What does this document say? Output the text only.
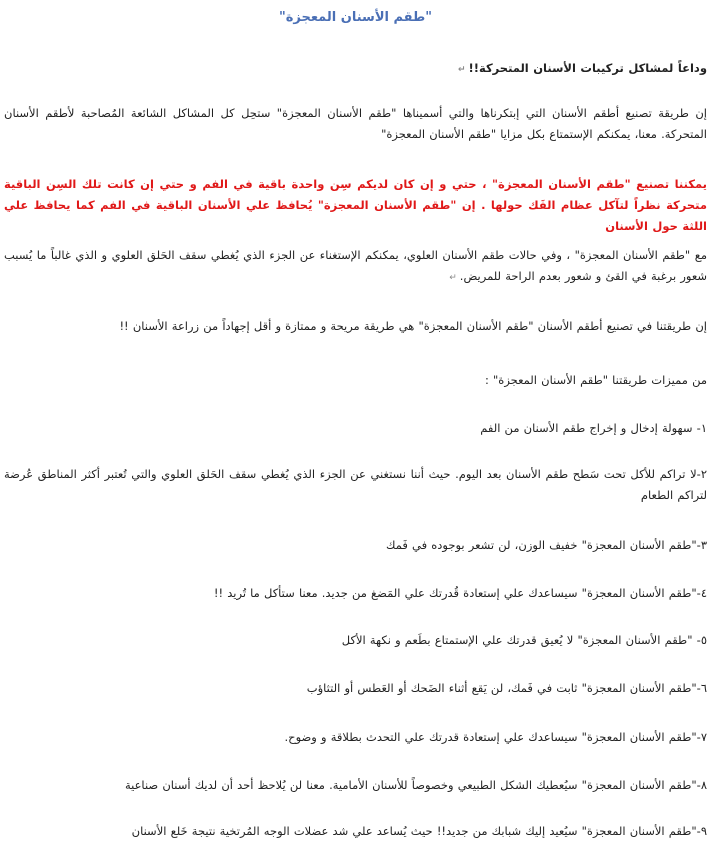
"طقم الأسنان المعجزة"

وداعاً لمشاكل تركيبات الأسنان المتحركة!!↵

إن طريقة تصنيع أطقم الأسنان التي إبتكرناها والتي أسميناها "طقم الأسنان المعجزة" ستحِل كل المشاكل الشائعة المُصاحبة لأطقم الأسنان المتحركة. معنا، يمكنكم الإستمتاع بكل مزايا "طقم الأسنان المعجزة"

يمكننا تصنيع "طقم الأسنان المعجزة" ، حتي و إن كان لديكم سِن واحدة باقية في الفم و حتي إن كانت تلك السِن الباقية متحركة نظراً لتآكل عظام الفَك حولها . إن "طقم الأسنان المعجزة" يُحافظ علي الأسنان الباقية في الفم كما يحافظ علي اللثة حول الأسنان

مع "طقم الأسنان المعجزة" ، وفي حالات طقم الأسنان العلوي، يمكنكم الإستغناء عن الجزء الذي يُغطي سقف الحَلق العلوي و الذي غالباً ما يُسبب شعور برغبة في القئ و شعور بعدم الراحة للمريض.↵

إن طريقتنا في تصنيع أطقم الأسنان "طقم الأسنان المعجزة" هي طريقة مريحة و ممتازة و أقل إجهاداً من زراعة الأسنان !!

من مميزات طريقتنا "طقم الأسنان المعجزة" :

١- سهولة إدخال و إخراج طقم الأسنان من الفم

٢-لا تراكم للأكل تحت سَطح طقم الأسنان بعد اليوم. حيث أننا نستغني عن الجزء الذي يُغطي سقف الحَلق العلوي والتي تُعتبر أكثر المناطق عُرضة لتراكم الطعام

٣-"طقم الأسنان المعجزة" خفيف الوزن، لن تشعر بوجوده في فَمك

٤-"طقم الأسنان المعجزة" سيساعدك علي إستعادة قُدرتك علي المَضغ من جديد. معنا ستأكل ما تُريد !!

٥- "طقم الأسنان المعجزة" لا يُعيق قدرتك علي الإستمتاع بطَعم و نكهة الأكل

٦-"طقم الأسنان المعجزة" ثابت في فَمك، لن يَقع أثناء الضَحك أو العَطس أو التثاؤب

٧-"طقم الأسنان المعجزة" سيساعدك علي إستعادة قدرتك علي التحدث بطلاقة و وضوح.

٨-"طقم الأسنان المعجزة" سيُعطيك الشكل الطبيعي وخصوصاً للأسنان الأمامية. معنا لن يُلاحظ أحد أن لديك أسنان صناعية

٩-"طقم الأسنان المعجزة" سيُعيد إليك شبابك من جديد!! حيث يُساعد علي شد عضلات الوجه المُرتخية نتيجة خَلع الأسنان
